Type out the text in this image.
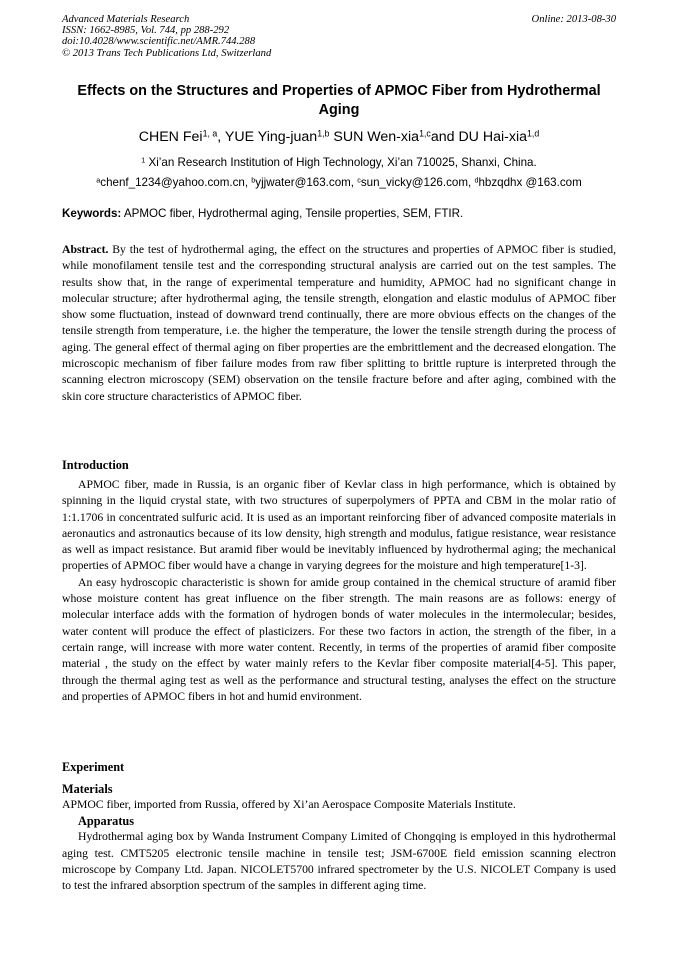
Advanced Materials Research
ISSN: 1662-8985, Vol. 744, pp 288-292
doi:10.4028/www.scientific.net/AMR.744.288
© 2013 Trans Tech Publications Ltd, Switzerland
Online: 2013-08-30
Effects on the Structures and Properties of APMOC Fiber from Hydrothermal Aging
CHEN Fei$^{1, a}$, YUE Ying-juan$^{1,b}$ SUN Wen-xia$^{1,c}$and DU Hai-xia$^{1,d}$
$^1$ Xi’an Research Institution of High Technology, Xi’an 710025, Shanxi, China.
$^a$chenf_1234@yahoo.com.cn, $^b$yjjwater@163.com, $^c$sun_vicky@126.com, $^d$hbzqdhx @163.com
Keywords: APMOC fiber, Hydrothermal aging, Tensile properties, SEM, FTIR.

Abstract. By the test of hydrothermal aging, the effect on the structures and properties of APMOC fiber is studied, while monofilament tensile test and the corresponding structural analysis are carried out on the test samples. The results show that, in the range of experimental temperature and humidity, APMOC had no significant change in molecular structure; after hydrothermal aging, the tensile strength, elongation and elastic modulus of APMOC fiber show some fluctuation, instead of downward trend continually, there are more obvious effects on the changes of the tensile strength from temperature, i.e. the higher the temperature, the lower the tensile strength during the process of aging. The general effect of thermal aging on fiber properties are the embrittlement and the decreased elongation. The microscopic mechanism of fiber failure modes from raw fiber splitting to brittle rupture is interpreted through the scanning electron microscopy (SEM) observation on the tensile fracture before and after aging, combined with the skin core structure characteristics of APMOC fiber.

Introduction

APMOC fiber, made in Russia, is an organic fiber of Kevlar class in high performance, which is obtained by spinning in the liquid crystal state, with two structures of superpolymers of PPTA and CBM in the molar ratio of 1:1.1706 in concentrated sulfuric acid. It is used as an important reinforcing fiber of advanced composite materials in aeronautics and astronautics because of its low density, high strength and modulus, fatigue resistance, wear resistance as well as impact resistance. But aramid fiber would be inevitably influenced by hydrothermal aging; the mechanical properties of APMOC fiber would have a change in varying degrees for the moisture and high temperature[1-3].

An easy hydroscopic characteristic is shown for amide group contained in the chemical structure of aramid fiber whose moisture content has great influence on the fiber strength. The main reasons are as follows: energy of molecular interface adds with the formation of hydrogen bonds of water molecules in the intermolecular; besides, water content will produce the effect of plasticizers. For these two factors in action, the strength of the fiber, in a certain range, will increase with more water content. Recently, in terms of the properties of aramid fiber composite material , the study on the effect by water mainly refers to the Kevlar fiber composite material[4-5]. This paper, through the thermal aging test as well as the performance and structural testing, analyses the effect on the structure and properties of APMOC fibers in hot and humid environment.

Experiment

Materials

APMOC fiber, imported from Russia, offered by Xi’an Aerospace Composite Materials Institute.

Apparatus

Hydrothermal aging box by Wanda Instrument Company Limited of Chongqing is employed in this hydrothermal aging test. CMT5205 electronic tensile machine in tensile test; JSM-6700E field emission scanning electron microscope by Company Ltd. Japan. NICOLET5700 infrared spectrometer by the U.S. NICOLET Company is used to test the infrared absorption spectrum of the samples in different aging time.
